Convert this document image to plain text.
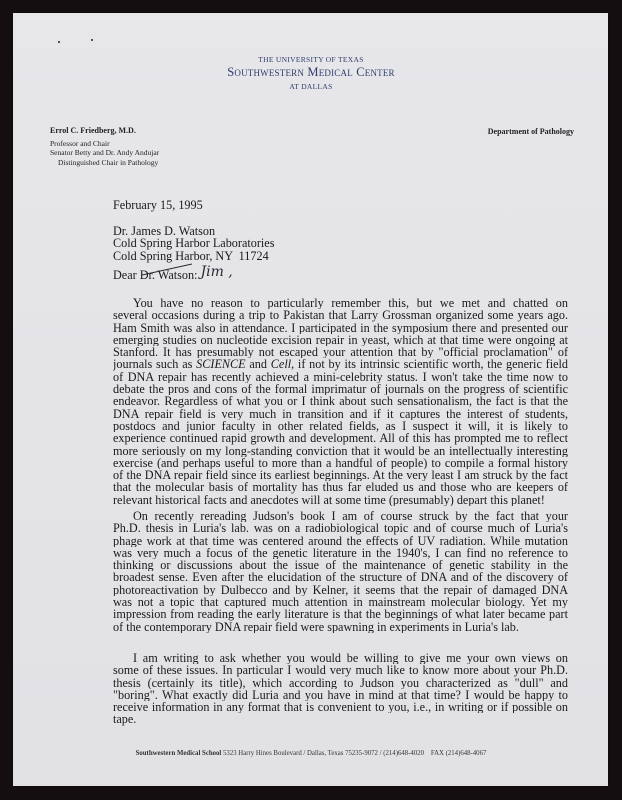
THE UNIVERSITY OF TEXAS
Southwestern Medical Center
AT DALLAS
Errol C. Friedberg, M.D.
Professor and Chair
Senator Betty and Dr. Andy Andujar
Distinguished Chair in Pathology
Department of Pathology
February 15, 1995
Dr. James D. Watson
Cold Spring Harbor Laboratories
Cold Spring Harbor, NY  11724
Dear Dr. Watson: Jim ,
You have no reason to particularly remember this, but we met and chatted on
several occasions during a trip to Pakistan that Larry Grossman organized some years ago.
Ham Smith was also in attendance. I participated in the symposium there and presented our
emerging studies on nucleotide excision repair in yeast, which at that time were ongoing at
Stanford. It has presumably not escaped your attention that by "official proclamation" of
journals such as SCIENCE and Cell, if not by its intrinsic scientific worth, the generic field
of DNA repair has recently achieved a mini-celebrity status. I won't take the time now to
debate the pros and cons of the formal imprimatur of journals on the progress of scientific
endeavor. Regardless of what you or I think about such sensationalism, the fact is that the
DNA repair field is very much in transition and if it captures the interest of students,
postdocs and junior faculty in other related fields, as I suspect it will, it is likely to
experience continued rapid growth and development. All of this has prompted me to reflect
more seriously on my long-standing conviction that it would be an intellectually interesting
exercise (and perhaps useful to more than a handful of people) to compile a formal history
of the DNA repair field since its earliest beginnings. At the very least I am struck by the fact
that the molecular basis of mortality has thus far eluded us and those who are keepers of
relevant historical facts and anecdotes will at some time (presumably) depart this planet!
On recently rereading Judson's book I am of course struck by the fact that your
Ph.D. thesis in Luria's lab. was on a radiobiological topic and of course much of Luria's
phage work at that time was centered around the effects of UV radiation. While mutation
was very much a focus of the genetic literature in the 1940's, I can find no reference to
thinking or discussions about the issue of the maintenance of genetic stability in the
broadest sense. Even after the elucidation of the structure of DNA and of the discovery of
photoreactivation by Dulbecco and by Kelner, it seems that the repair of damaged DNA
was not a topic that captured much attention in mainstream molecular biology. Yet my
impression from reading the early literature is that the beginnings of what later became part
of the contemporary DNA repair field were spawning in experiments in Luria's lab.
I am writing to ask whether you would be willing to give me your own views on
some of these issues. In particular I would very much like to know more about your Ph.D.
thesis (certainly its title), which according to Judson you characterized as "dull" and
"boring". What exactly did Luria and you have in mind at that time? I would be happy to
receive information in any format that is convenient to you, i.e., in writing or if possible on
tape.
Southwestern Medical School 5323 Harry Hines Boulevard / Dallas, Texas 75235-9072 / (214)648-4020    FAX (214)648-4067
